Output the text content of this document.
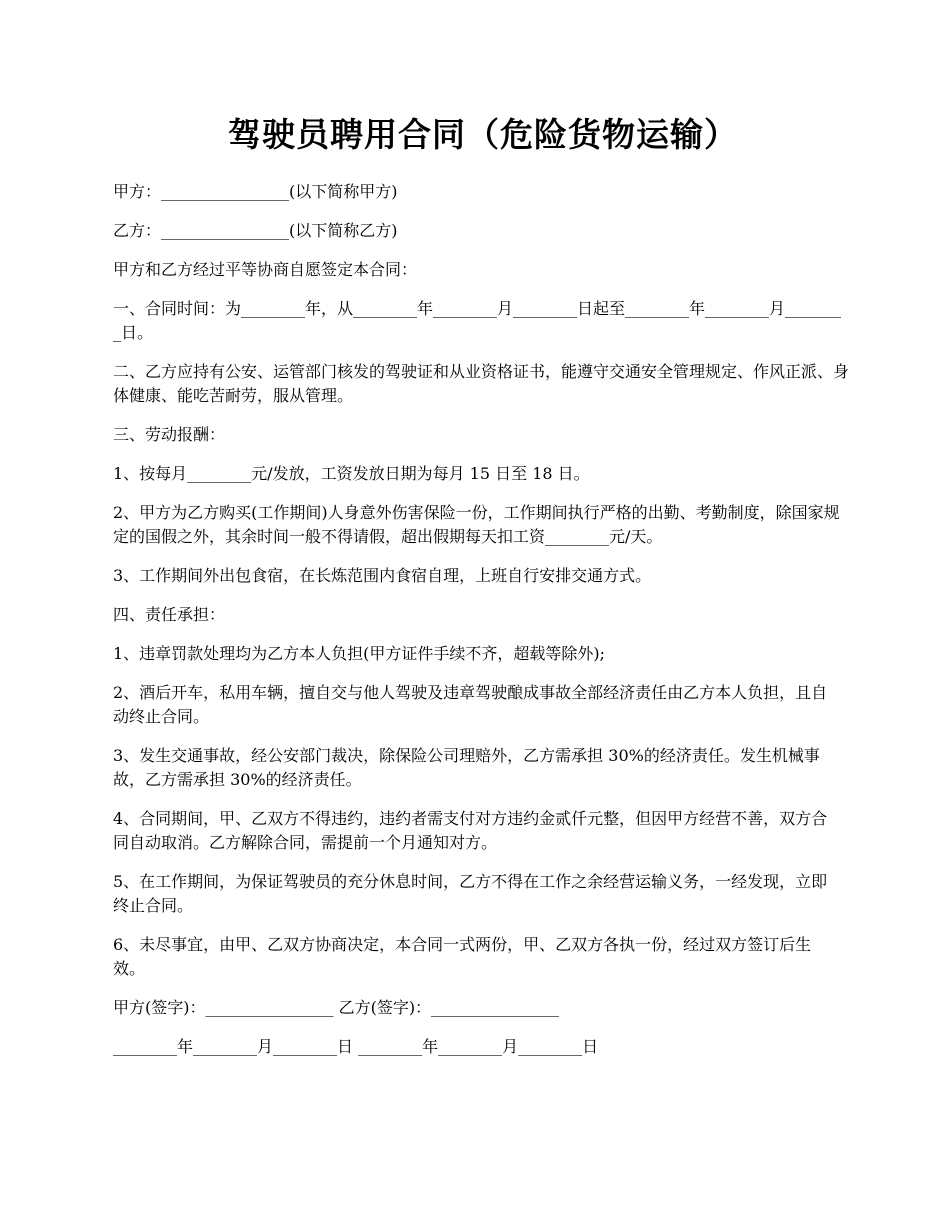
驾驶员聘用合同（危险货物运输）

甲方：________________(以下简称甲方)

乙方：________________(以下简称乙方)

甲方和乙方经过平等协商自愿签定本合同：

一、合同时间：为________年，从________年________月________日起至________年________月________日。

二、乙方应持有公安、运管部门核发的驾驶证和从业资格证书，能遵守交通安全管理规定、作风正派、身体健康、能吃苦耐劳，服从管理。

三、劳动报酬：

1、按每月________元/发放，工资发放日期为每月 15 日至 18 日。

2、甲方为乙方购买(工作期间)人身意外伤害保险一份，工作期间执行严格的出勤、考勤制度，除国家规定的国假之外，其余时间一般不得请假，超出假期每天扣工资________元/天。

3、工作期间外出包食宿，在长炼范围内食宿自理，上班自行安排交通方式。

四、责任承担：

1、违章罚款处理均为乙方本人负担(甲方证件手续不齐，超载等除外);

2、酒后开车，私用车辆，擅自交与他人驾驶及违章驾驶酿成事故全部经济责任由乙方本人负担，且自动终止合同。

3、发生交通事故，经公安部门裁决，除保险公司理赔外，乙方需承担 30%的经济责任。发生机械事故，乙方需承担 30%的经济责任。

4、合同期间，甲、乙双方不得违约，违约者需支付对方违约金贰仟元整，但因甲方经营不善，双方合同自动取消。乙方解除合同，需提前一个月通知对方。

5、在工作期间，为保证驾驶员的充分休息时间，乙方不得在工作之余经营运输义务，一经发现，立即终止合同。

6、未尽事宜，由甲、乙双方协商决定，本合同一式两份，甲、乙双方各执一份，经过双方签订后生效。

甲方(签字)：________________ 乙方(签字)：________________

________年________月________日 ________年________月________日
